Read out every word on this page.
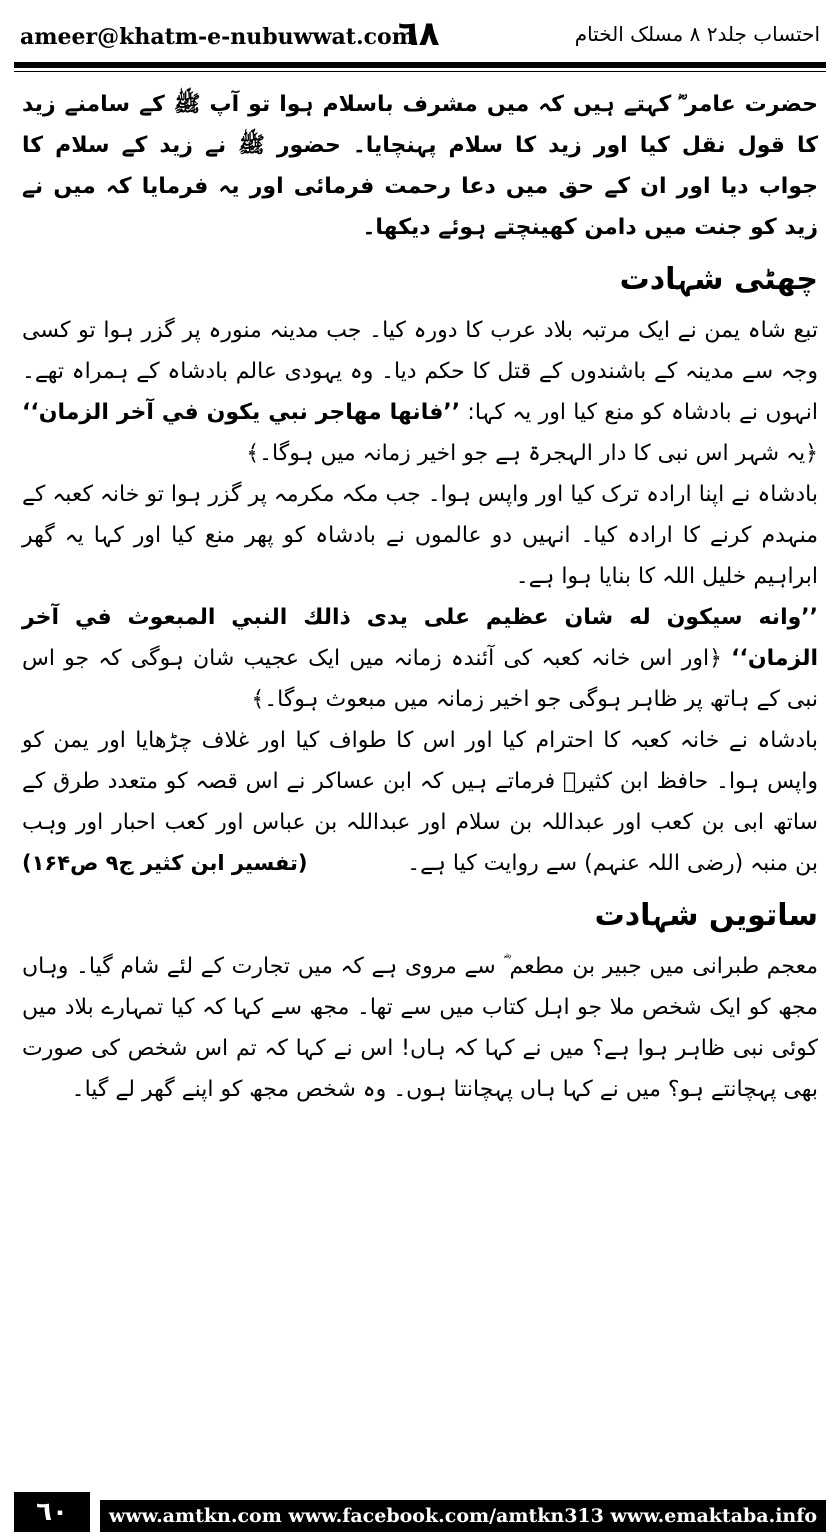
ameer@khatm-e-nubuwwat.com
٦٨	احتساب جلد۲ ۸ مسلک الختام

حضرت عامر ؓ کہتے ہیں کہ میں مشرف باسلام ہوا تو آپ ﷺ کے سامنے زید کا قول نقل کیا اور زید کا سلام پہنچایا۔ حضور ﷺ نے زید کے سلام کا جواب دیا اور ان کے حق میں دعا رحمت فرمائی اور یہ فرمایا کہ میں نے زید کو جنت میں دامن کھینچتے ہوئے دیکھا۔

چھٹی شہادت

تبع شاہ یمن نے ایک مرتبہ بلاد عرب کا دورہ کیا۔ جب مدینہ منورہ پر گزر ہوا تو کسی وجہ سے مدینہ کے باشندوں کے قتل کا حکم دیا۔ وہ یہودی عالم بادشاہ کے ہمراہ تھے۔ انہوں نے بادشاہ کو منع کیا اور یہ کہا: ’’فانها مهاجر نبي يكون في آخر الزمان‘‘ ﴿یہ شہر اس نبی کا دار الہجرۃ ہے جو اخیر زمانہ میں ہوگا۔﴾

بادشاہ نے اپنا ارادہ ترک کیا اور واپس ہوا۔ جب مکہ مکرمہ پر گزر ہوا تو خانہ کعبہ کے منہدم کرنے کا ارادہ کیا۔ انہیں دو عالموں نے بادشاہ کو پھر منع کیا اور کہا یہ گھر ابراہیم خلیل اللہ کا بنایا ہوا ہے۔

’’وانه سيكون له شان عظيم على يدى ذالك النبي المبعوث في آخر الزمان‘‘ ﴿اور اس خانہ کعبہ کی آئندہ زمانہ میں ایک عجیب شان ہوگی کہ جو اس نبی کے ہاتھ پر ظاہر ہوگی جو اخیر زمانہ میں مبعوث ہوگا۔﴾

بادشاہ نے خانہ کعبہ کا احترام کیا اور اس کا طواف کیا اور غلاف چڑھایا اور یمن کو واپس ہوا۔ حافظ ابن کثیرؒ فرماتے ہیں کہ ابن عساکر نے اس قصہ کو متعدد طرق کے ساتھ ابی بن کعب اور عبداللہ بن سلام اور عبداللہ بن عباس اور کعب احبار اور وہب بن منبہ (رضی اللہ عنہم) سے روایت کیا ہے۔
(تفسیر ابن کثیر ج۹ ص۱۶۴)

ساتویں شہادت

معجم طبرانی میں جبیر بن مطعم ؓ سے مروی ہے کہ میں تجارت کے لئے شام گیا۔ وہاں مجھ کو ایک شخص ملا جو اہل کتاب میں سے تھا۔ مجھ سے کہا کہ کیا تمہارے بلاد میں کوئی نبی ظاہر ہوا ہے؟ میں نے کہا کہ ہاں! اس نے کہا کہ تم اس شخص کی صورت بھی پہچانتے ہو؟ میں نے کہا ہاں پہچانتا ہوں۔ وہ شخص مجھ کو اپنے گھر لے گیا۔

٦٠	www.amtkn.com www.facebook.com/amtkn313 www.emaktaba.info
